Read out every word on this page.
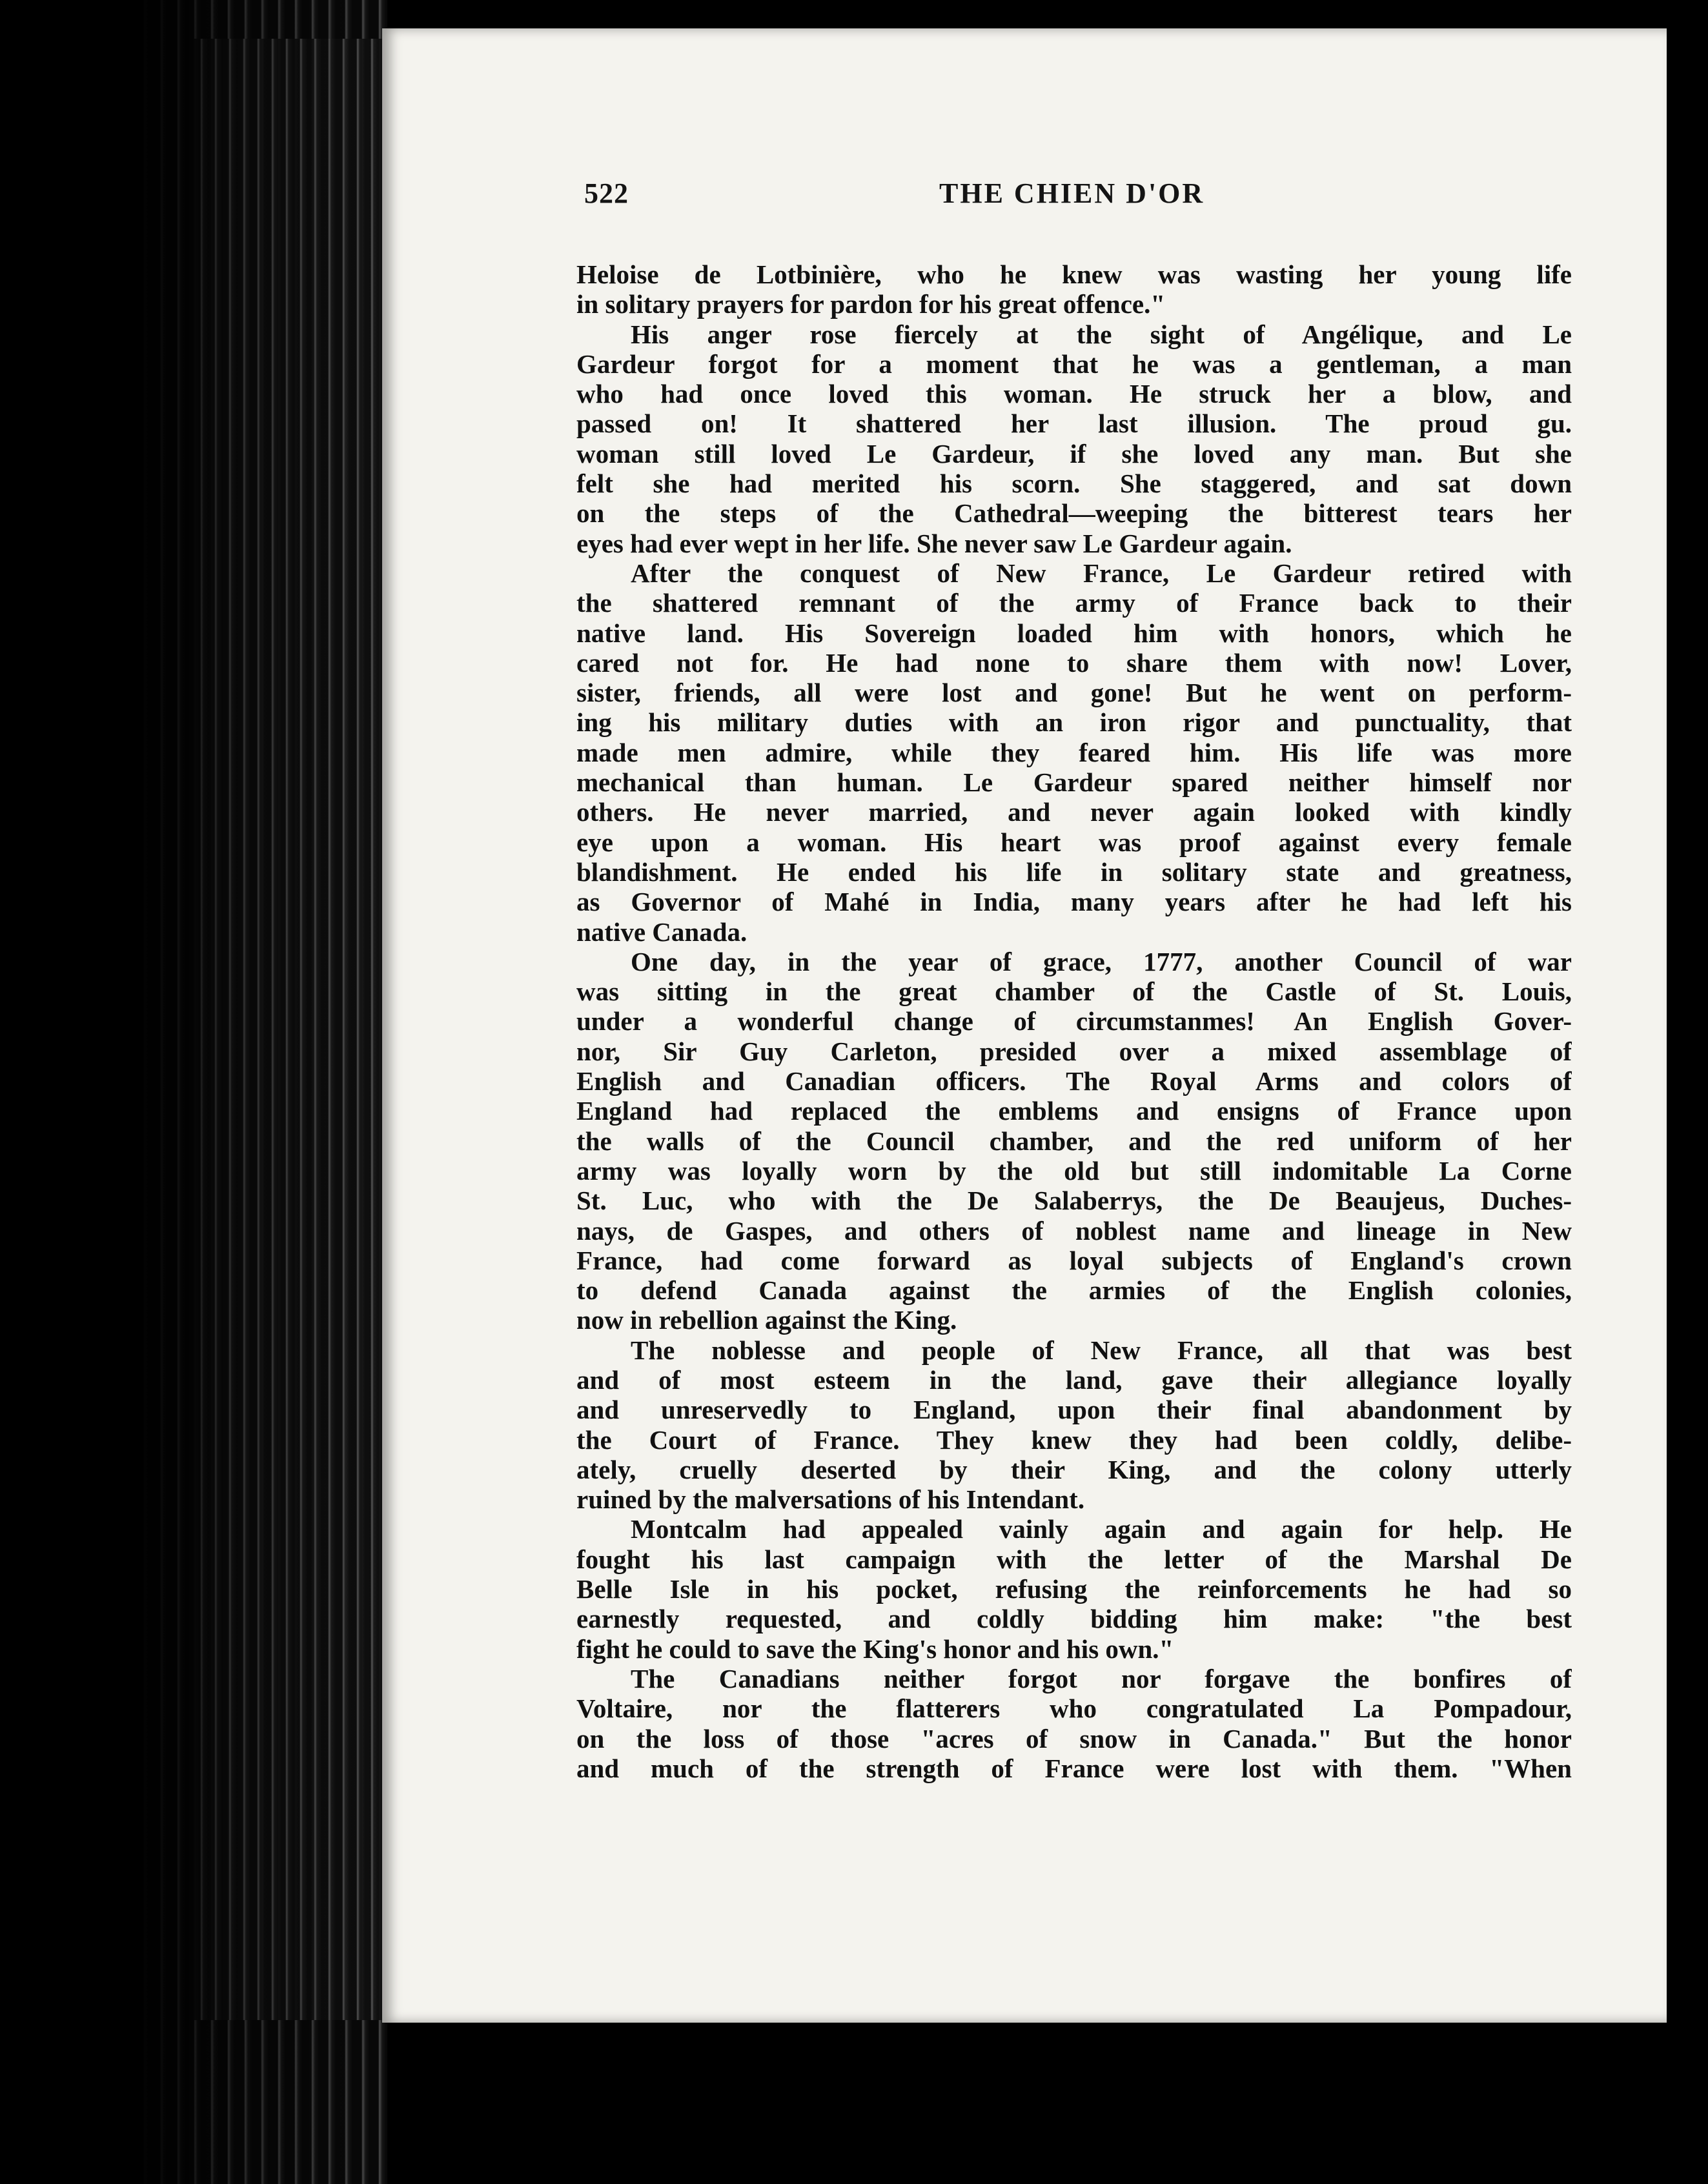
522	THE CHIEN D'OR
Heloise de Lotbinière, who he knew was wasting her young life
in solitary prayers for pardon for his great offence."
His anger rose fiercely at the sight of Angélique, and Le
Gardeur forgot for a moment that he was a gentleman, a man
who had once loved this woman. He struck her a blow, and
passed on! It shattered her last illusion. The proud gu.
woman still loved Le Gardeur, if she loved any man. But she
felt she had merited his scorn. She staggered, and sat down
on the steps of the Cathedral—weeping the bitterest tears her
eyes had ever wept in her life. She never saw Le Gardeur again.
After the conquest of New France, Le Gardeur retired with
the shattered remnant of the army of France back to their
native land. His Sovereign loaded him with honors, which he
cared not for. He had none to share them with now! Lover,
sister, friends, all were lost and gone! But he went on perform-
ing his military duties with an iron rigor and punctuality, that
made men admire, while they feared him. His life was more
mechanical than human. Le Gardeur spared neither himself nor
others. He never married, and never again looked with kindly
eye upon a woman. His heart was proof against every female
blandishment. He ended his life in solitary state and greatness,
as Governor of Mahé in India, many years after he had left his
native Canada.
One day, in the year of grace, 1777, another Council of war
was sitting in the great chamber of the Castle of St. Louis,
under a wonderful change of circumstanmes! An English Gover-
nor, Sir Guy Carleton, presided over a mixed assemblage of
English and Canadian officers. The Royal Arms and colors of
England had replaced the emblems and ensigns of France upon
the walls of the Council chamber, and the red uniform of her
army was loyally worn by the old but still indomitable La Corne
St. Luc, who with the De Salaberrys, the De Beaujeus, Duches-
nays, de Gaspes, and others of noblest name and lineage in New
France, had come forward as loyal subjects of England's crown
to defend Canada against the armies of the English colonies,
now in rebellion against the King.
The noblesse and people of New France, all that was best
and of most esteem in the land, gave their allegiance loyally
and unreservedly to England, upon their final abandonment by
the Court of France. They knew they had been coldly, delibe-
ately, cruelly deserted by their King, and the colony utterly
ruined by the malversations of his Intendant.
Montcalm had appealed vainly again and again for help. He
fought his last campaign with the letter of the Marshal De
Belle Isle in his pocket, refusing the reinforcements he had so
earnestly requested, and coldly bidding him make: "the best
fight he could to save the King's honor and his own."
The Canadians neither forgot nor forgave the bonfires of
Voltaire, nor the flatterers who congratulated La Pompadour,
on the loss of those "acres of snow in Canada." But the honor
and much of the strength of France were lost with them. "When
